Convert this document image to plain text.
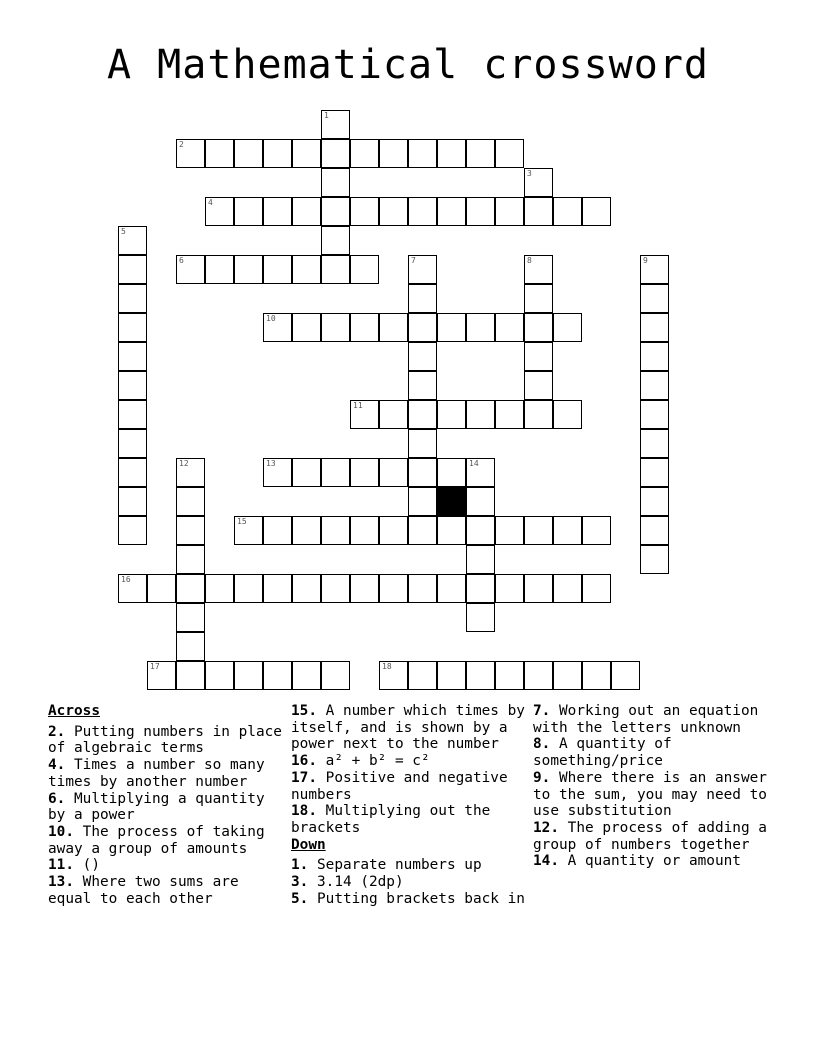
A Mathematical crossword
1
2
3
4
5
6	7	8	9
10
11
12	13	14
15
16
17	18
Across
2. Putting numbers in place of algebraic terms
4. Times a number so many times by another number
6. Multiplying a quantity by a power
10. The process of taking away a group of amounts
11. ()
13. Where two sums are equal to each other
15. A number which times by itself, and is shown by a power next to the number
16. a² + b² = c²
17. Positive and negative numbers
18. Multiplying out the brackets
Down
1. Separate numbers up
3. 3.14 (2dp)
5. Putting brackets back in
7. Working out an equation with the letters unknown
8. A quantity of something/price
9. Where there is an answer to the sum, you may need to use substitution
12. The process of adding a group of numbers together
14. A quantity or amount
